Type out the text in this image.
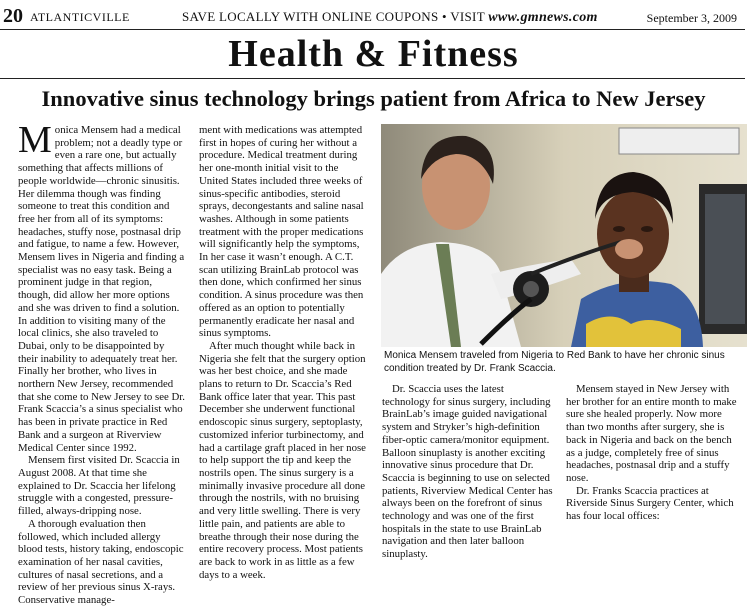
20 ATLANTICVILLE	SAVE LOCALLY WITH ONLINE COUPONS • VISIT www.gmnews.com	September 3, 2009
Health & Fitness
Innovative sinus technology brings patient from Africa to New Jersey

Monica Mensem had a medical problem; not a deadly type or even a rare one, but actually something that affects millions of people worldwide—chronic sinusitis. Her dilemma though was finding someone to treat this condition and free her from all of its symptoms: headaches, stuffy nose, postnasal drip and fatigue, to name a few. However, Mensem lives in Nigeria and finding a specialist was no easy task. Being a prominent judge in that region, though, did allow her more options and she was driven to find a solution. In addition to visiting many of the local clinics, she also traveled to Dubai, only to be disappointed by their inability to adequately treat her. Finally her brother, who lives in northern New Jersey, recommended that she come to New Jersey to see Dr. Frank Scaccia’s a sinus specialist who has been in private practice in Red Bank and a surgeon at Riverview Medical Center since 1992.

Mensem first visited Dr. Scaccia in August 2008. At that time she explained to Dr. Scaccia her lifelong struggle with a congested, pressure-filled, always-dripping nose.

A thorough evaluation then followed, which included allergy blood tests, history taking, endoscopic examination of her nasal cavities, cultures of nasal secretions, and a review of her previous sinus X-rays. Conservative manage-

ment with medications was attempted first in hopes of curing her without a procedure. Medical treatment during her one-month initial visit to the United States included three weeks of sinus-specific antibodies, steroid sprays, decongestants and saline nasal washes. Although in some patients treatment with the proper medications will significantly help the symptoms, In her case it wasn’t enough. A C.T. scan utilizing BrainLab protocol was then done, which confirmed her sinus condition. A sinus procedure was then offered as an option to potentially permanently eradicate her nasal and sinus symptoms.

After much thought while back in Nigeria she felt that the surgery option was her best choice, and she made plans to return to Dr. Scaccia’s Red Bank office later that year. This past December she underwent functional endoscopic sinus surgery, septoplasty, customized inferior turbinectomy, and had a cartilage graft placed in her nose to help support the tip and keep the nostrils open. The sinus surgery is a minimally invasive procedure all done through the nostrils, with no bruising and very little swelling. There is very little pain, and patients are able to breathe through their nose during the entire recovery process. Most patients are back to work in as little as a few days to a week.

Monica Mensem traveled from Nigeria to Red Bank to have her chronic sinus condition treated by Dr. Frank Scaccia.

Dr. Scaccia uses the latest technology for sinus surgery, including BrainLab’s image guided navigational system and Stryker’s high-definition fiber-optic camera/monitor equipment. Balloon sinuplasty is another exciting innovative sinus procedure that Dr. Scaccia is beginning to use on selected patients, Riverview Medical Center has always been on the forefront of sinus technology and was one of the first hospitals in the state to use BrainLab navigation and then later balloon sinuplasty.

Mensem stayed in New Jersey with her brother for an entire month to make sure she healed properly. Now more than two months after surgery, she is back in Nigeria and back on the bench as a judge, completely free of sinus headaches, postnasal drip and a stuffy nose.

Dr. Franks Scaccia practices at Riverside Sinus Surgery Center, which has four local offices:
